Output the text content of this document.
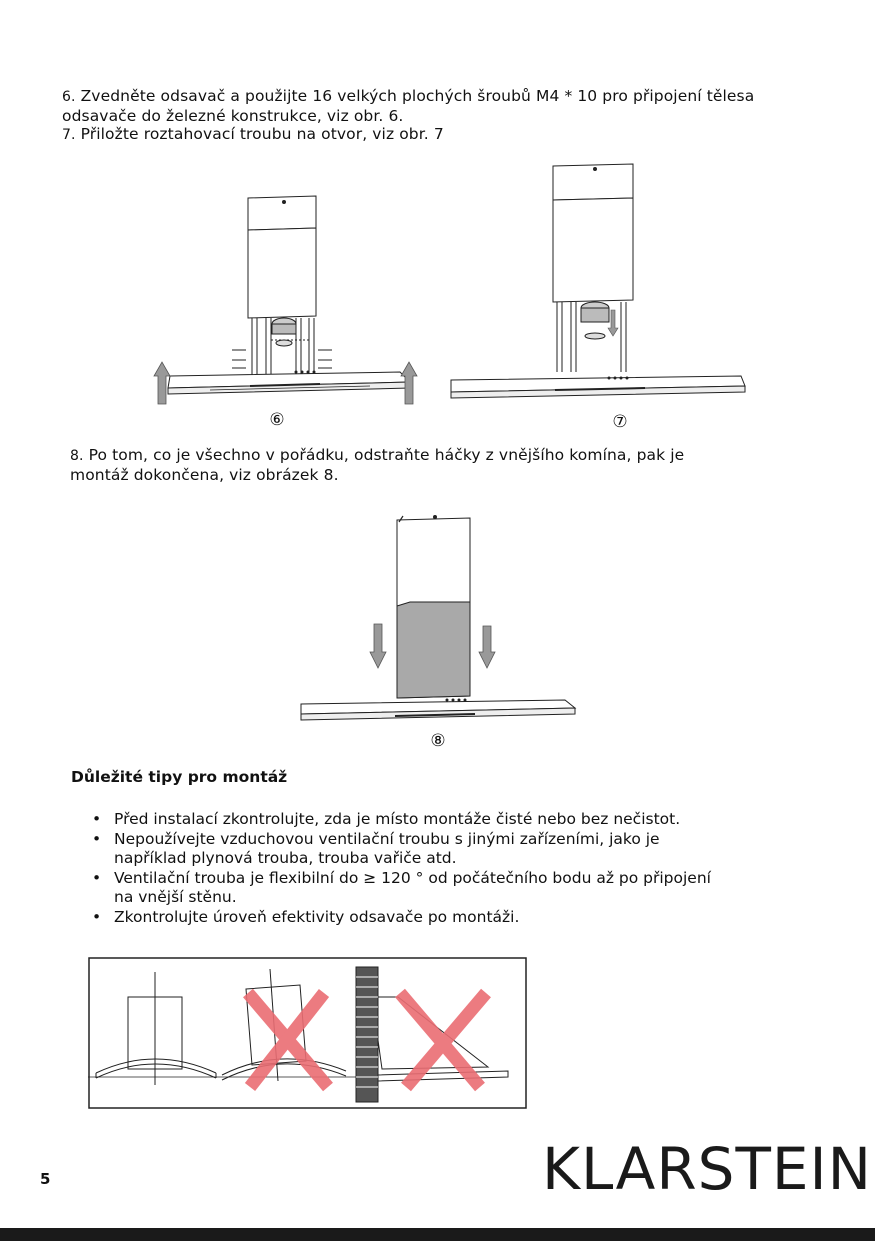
6. Zvedněte odsavač a použijte 16 velkých plochých šroubů M4 * 10 pro připojení tělesa
odsavače do železné konstrukce, viz obr. 6.
7. Přiložte roztahovací troubu na otvor, viz obr. 7
⑥	⑦
8. Po tom, co je všechno v pořádku, odstraňte háčky z vnějšího komína, pak je
montáž dokončena, viz obrázek 8.
⑧
Důležité tipy pro montáž
• Před instalací zkontrolujte, zda je místo montáže čisté nebo bez nečistot.
• Nepoužívejte vzduchovou ventilační troubu s jinými zařízeními, jako je
například plynová trouba, trouba vařiče atd.
• Ventilační trouba je flexibilní do ≥ 120 ° od počátečního bodu až po připojení
na vnější stěnu.
• Zkontrolujte úroveň efektivity odsavače po montáži.
5	KLARSTEIN
